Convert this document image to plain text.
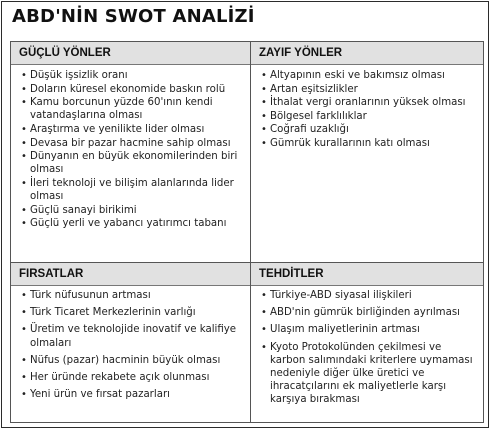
ABD'NİN SWOT ANALİZİ
GÜÇLÜ YÖNLER
• Düşük işsizlik oranı
• Doların küresel ekonomide baskın rolü
• Kamu borcunun yüzde 60'ının kendi vatandaşlarına olması
• Araştırma ve yenilikte lider olması
• Devasa bir pazar hacmine sahip olması
• Dünyanın en büyük ekonomilerinden biri olması
• İleri teknoloji ve bilişim alanlarında lider olması
• Güçlü sanayi birikimi
• Güçlü yerli ve yabancı yatırımcı tabanı
ZAYIF YÖNLER
• Altyapının eski ve bakımsız olması
• Artan eşitsizlikler
• İthalat vergi oranlarının yüksek olması
• Bölgesel farklılıklar
• Coğrafi uzaklığı
• Gümrük kurallarının katı olması
FIRSATLAR
• Türk nüfusunun artması
• Türk Ticaret Merkezlerinin varlığı
• Üretim ve teknolojide inovatif ve kalifiye olmaları
• Nüfus (pazar) hacminin büyük olması
• Her üründe rekabete açık olunması
• Yeni ürün ve fırsat pazarları
TEHDİTLER
• Türkiye-ABD siyasal ilişkileri
• ABD'nin gümrük birliğinden ayrılması
• Ulaşım maliyetlerinin artması
• Kyoto Protokolünden çekilmesi ve karbon salımındaki kriterlere uymaması nedeniyle diğer ülke üretici ve ihracatçılarını ek maliyetlerle karşı karşıya bırakması
